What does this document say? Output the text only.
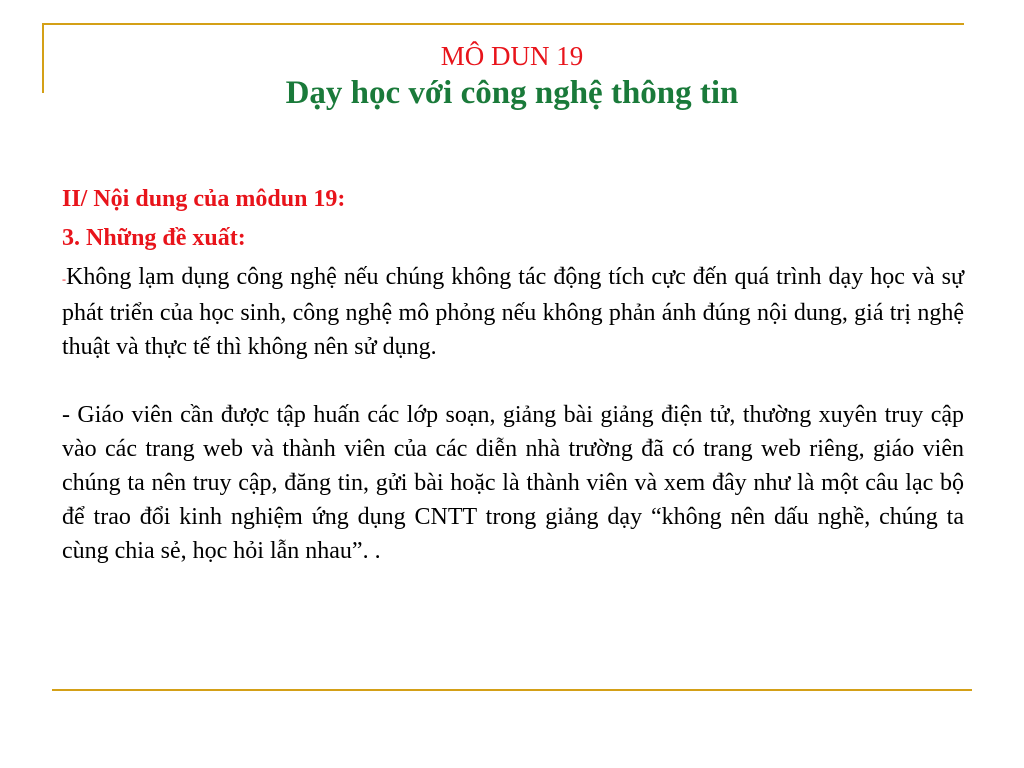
MÔ DUN 19
Dạy học với công nghệ thông tin
II/ Nội dung của môdun 19:
3. Những đề xuất:

-Không lạm dụng công nghệ nếu chúng không tác động tích cực đến quá trình dạy học và sự phát triển của học sinh, công nghệ mô phỏng nếu không phản ánh đúng nội dung, giá trị nghệ thuật và thực tế thì không nên sử dụng.

- Giáo viên cần được tập huấn các lớp soạn, giảng bài giảng điện tử, thường xuyên truy cập vào các trang web và thành viên của các diễn nhà trường đã có trang web riêng, giáo viên chúng ta nên truy cập, đăng tin, gửi bài hoặc là thành viên và xem đây như là một câu lạc bộ để trao đổi kinh nghiệm ứng dụng CNTT trong giảng dạy “không nên dấu nghề, chúng ta cùng chia sẻ, học hỏi lẫn nhau”. .
